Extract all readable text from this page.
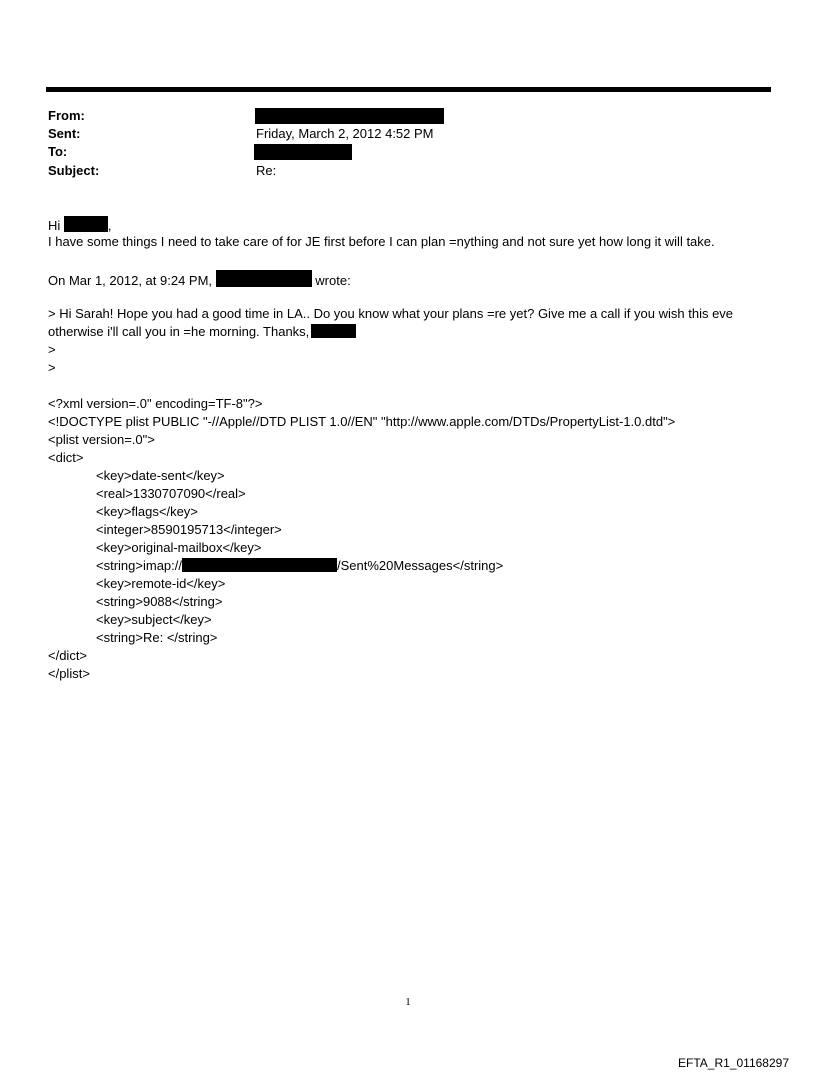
From:
Sent:	Friday, March 2, 2012 4:52 PM
To:
Subject:	Re:
Hi	,
I have some things I need to take care of for JE first before I can plan =nything and not sure yet how long it will take.
On Mar 1, 2012, at 9:24 PM,	wrote:
> Hi Sarah! Hope you had a good time in LA.. Do you know what your plans =re yet? Give me a call if you wish this eve
otherwise i'll call you in =he morning. Thanks,
>
>
<?xml version=.0" encoding=TF-8"?>
<!DOCTYPE plist PUBLIC "-//Apple//DTD PLIST 1.0//EN" "http://www.apple.com/DTDs/PropertyList-1.0.dtd">
<plist version=.0">
<dict>
<key>date-sent</key>
<real>1330707090</real>
<key>flags</key>
<integer>8590195713</integer>
<key>original-mailbox</key>
<string>imap://	/Sent%20Messages</string>
<key>remote-id</key>
<string>9088</string>
<key>subject</key>
<string>Re: </string>
</dict>
</plist>
1
EFTA_R1_01168297
